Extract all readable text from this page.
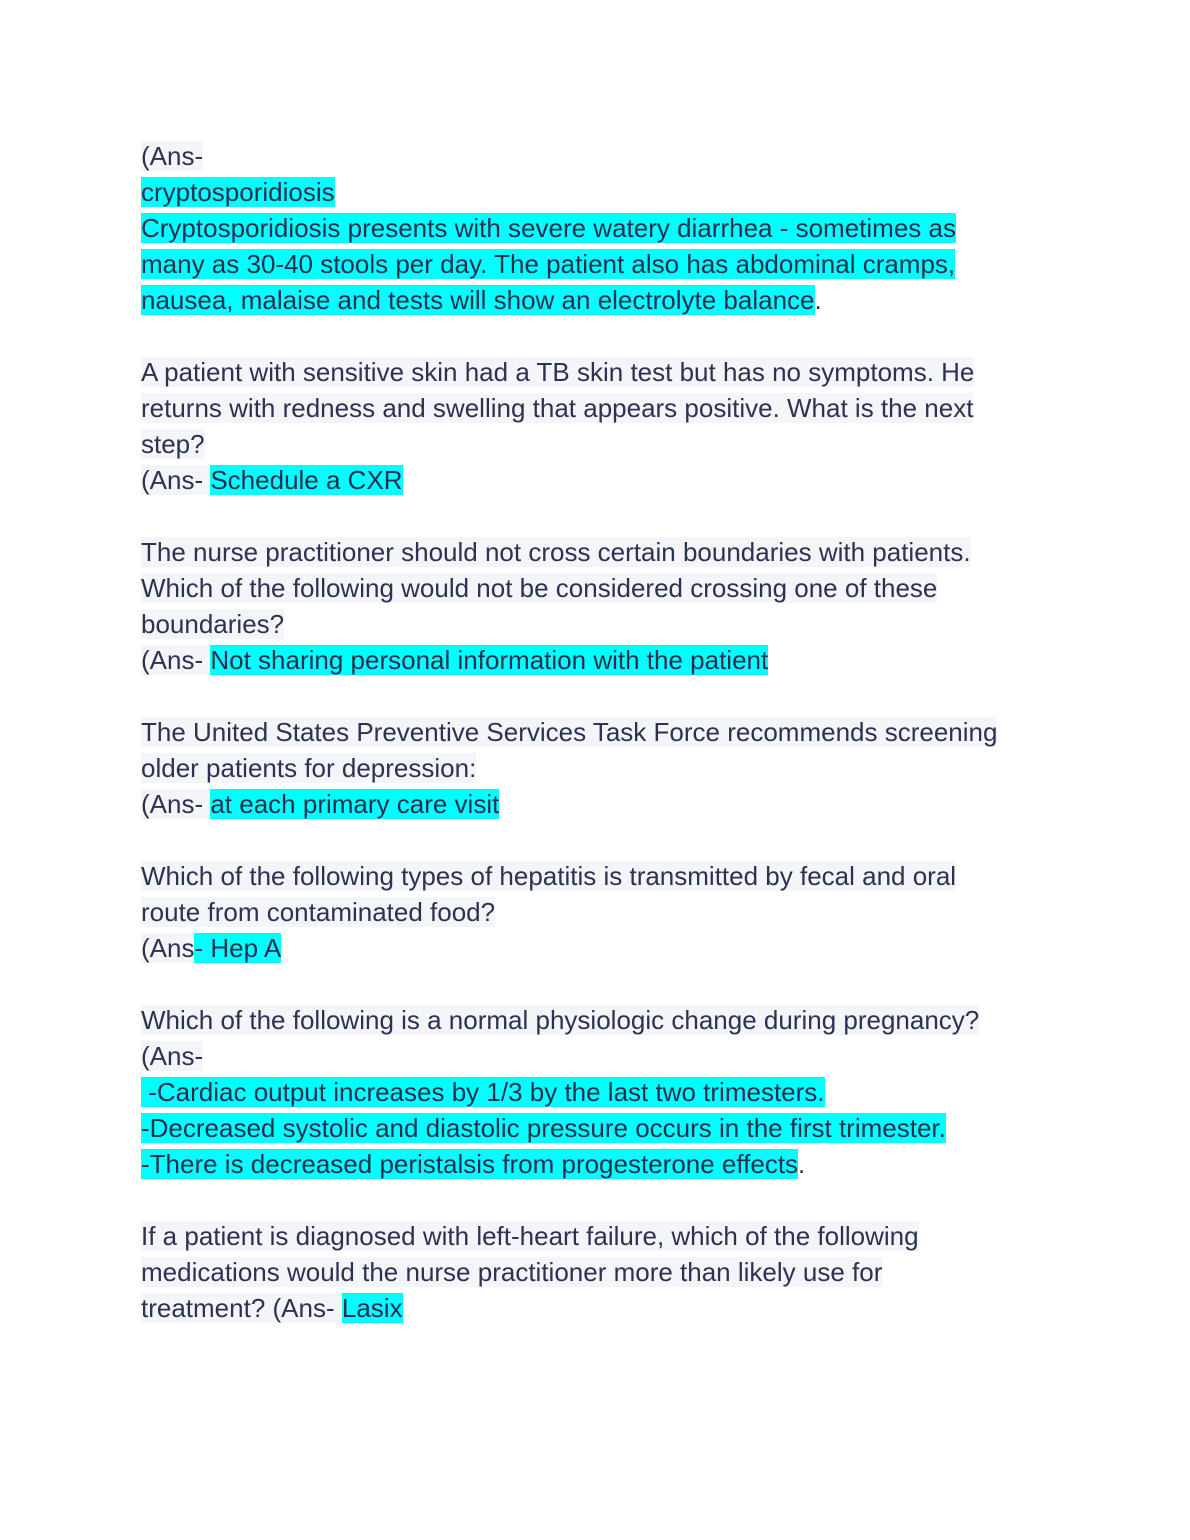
(Ans-
cryptosporidiosis
Cryptosporidiosis presents with severe watery diarrhea - sometimes as
many as 30-40 stools per day. The patient also has abdominal cramps,
nausea, malaise and tests will show an electrolyte balance.
A patient with sensitive skin had a TB skin test but has no symptoms. He
returns with redness and swelling that appears positive. What is the next
step?
(Ans- Schedule a CXR
The nurse practitioner should not cross certain boundaries with patients.
Which of the following would not be considered crossing one of these
boundaries?
(Ans- Not sharing personal information with the patient
The United States Preventive Services Task Force recommends screening
older patients for depression:
(Ans- at each primary care visit
Which of the following types of hepatitis is transmitted by fecal and oral
route from contaminated food?
(Ans- Hep A
Which of the following is a normal physiologic change during pregnancy?
(Ans-
-Cardiac output increases by 1/3 by the last two trimesters.
-Decreased systolic and diastolic pressure occurs in the first trimester.
-There is decreased peristalsis from progesterone effects.
If a patient is diagnosed with left-heart failure, which of the following
medications would the nurse practitioner more than likely use for
treatment? (Ans- Lasix
